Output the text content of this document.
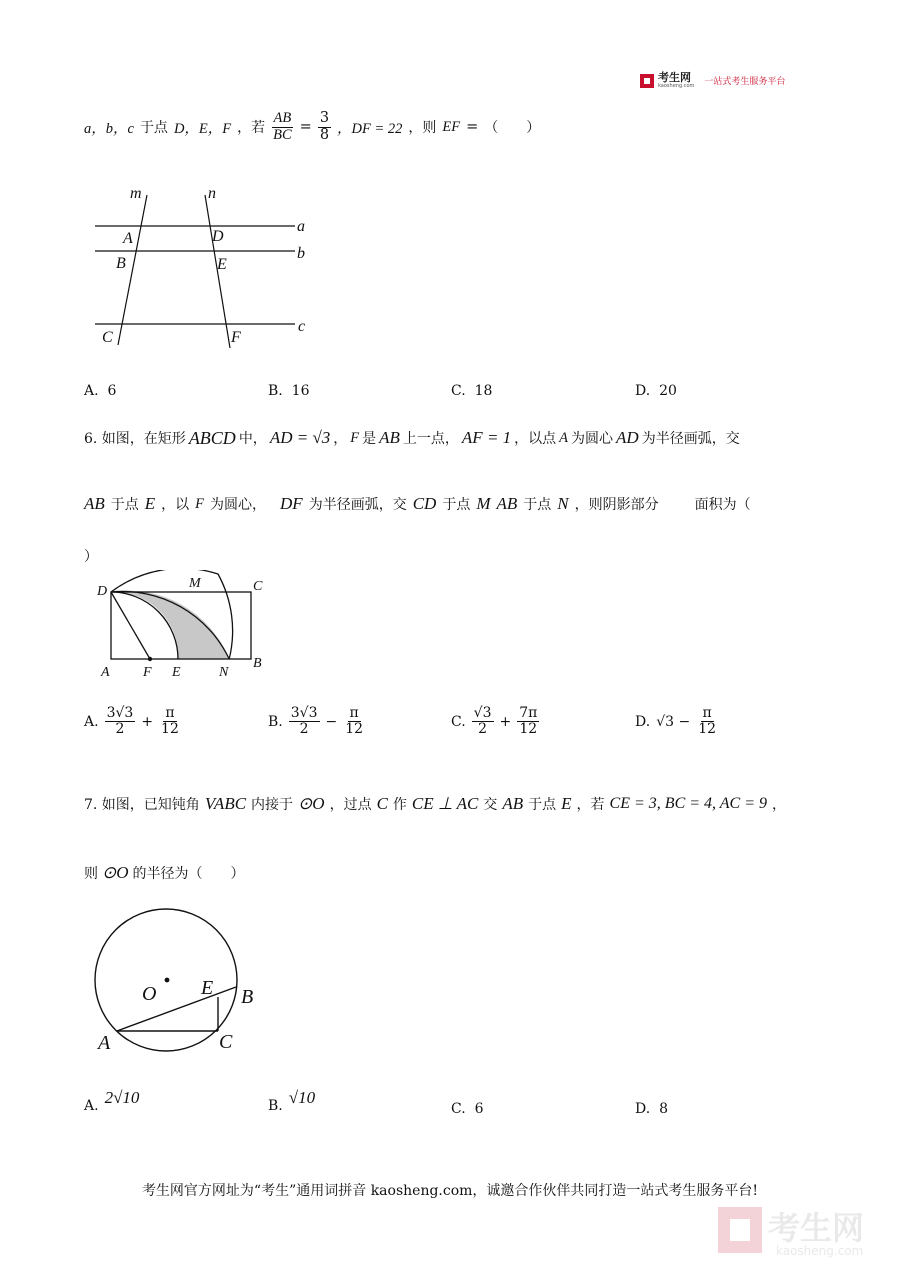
考生网
kaosheng.com 一站式考生服务平台
a，b，c 于点 D，E，F ，若 $\frac{AB}{BC} = \frac{3}{8}$ ，DF = 22 ，则 EF = （　　）
m	n
a
b
c
A	D
B	E
C	F
A. 6	B. 16	C. 18	D. 20
6. 如图，在矩形 ABCD 中， AD = √3 ， F 是 AB 上一点， AF = 1 ，以点 A 为圆心 AD 为半径画弧，交
AB 于点 E ，以 F 为圆心， DF 为半径画弧，交 CD 于点 M AB 于点 N ，则阴影部分	面积为（
）
D
M	C
A F E	N
B
A. $\frac{3√3}{2} + \frac{\pi}{12}$	B. $\frac{3√3}{2} - \frac{\pi}{12}$	C. $\frac{√3}{2} + \frac{7\pi}{12}$	D. $√3 - \frac{\pi}{12}$
7. 如图，已知钝角 VABC 内接于 ⊙O ，过点 C 作 CE ⊥ AC 交 AB 于点 E ，若 CE = 3, BC = 4, AC = 9 ，
则 ⊙O 的半径为（　　）
O E B
A	C
A. 2√10	B. √10
C. 6	D. 8
考生网官方网址为“考生”通用词拼音 kaosheng.com，诚邀合作伙伴共同打造一站式考生服务平台!
考生网
kaosheng.com
